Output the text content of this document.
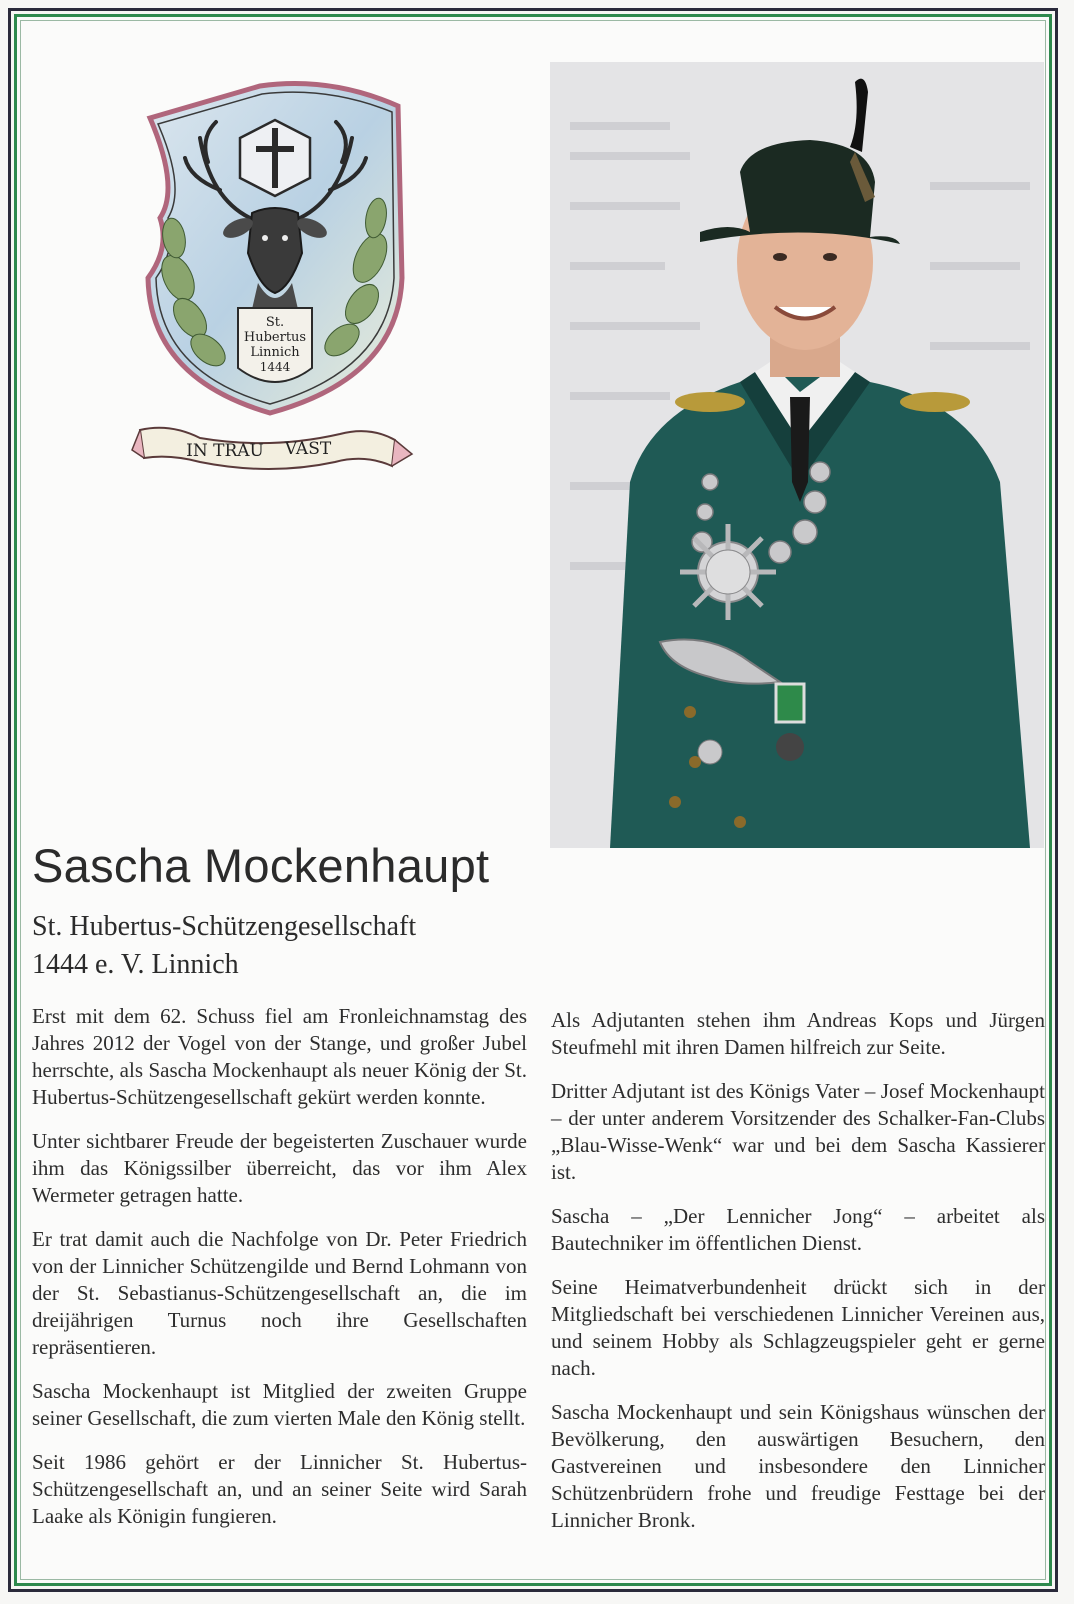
St.
Hubertus
Linnich
1444
IN TRAU VAST
Sascha Mockenhaupt
St. Hubertus-Schützengesellschaft
1444 e. V. Linnich

Erst mit dem 62. Schuss fiel am Fronleichnamstag des Jahres 2012 der Vogel von der Stange, und großer Jubel herrschte, als Sascha Mockenhaupt als neuer König der St. Hubertus-Schützengesellschaft gekürt werden konnte.

Unter sichtbarer Freude der begeisterten Zuschauer wurde ihm das Königssilber überreicht, das vor ihm Alex Wermeter getragen hatte.

Er trat damit auch die Nachfolge von Dr. Peter Friedrich von der Linnicher Schützengilde und Bernd Lohmann von der St. Sebastianus-Schützengesellschaft an, die im dreijährigen Turnus noch ihre Gesellschaften repräsentieren.

Sascha Mockenhaupt ist Mitglied der zweiten Gruppe seiner Gesellschaft, die zum vierten Male den König stellt.

Seit 1986 gehört er der Linnicher St. Hubertus-Schützengesellschaft an, und an seiner Seite wird Sarah Laake als Königin fungieren.

Als Adjutanten stehen ihm Andreas Kops und Jürgen Steufmehl mit ihren Damen hilfreich zur Seite.

Dritter Adjutant ist des Königs Vater – Josef Mockenhaupt – der unter anderem Vorsitzender des Schalker-Fan-Clubs „Blau-Wisse-Wenk“ war und bei dem Sascha Kassierer ist.

Sascha – „Der Lennicher Jong“ – arbeitet als Bautechniker im öffentlichen Dienst.

Seine Heimatverbundenheit drückt sich in der Mitgliedschaft bei verschiedenen Linnicher Vereinen aus, und seinem Hobby als Schlagzeugspieler geht er gerne nach.

Sascha Mockenhaupt und sein Königshaus wünschen der Bevölkerung, den auswärtigen Besuchern, den Gastvereinen und insbesondere den Linnicher Schützenbrüdern frohe und freudige Festtage bei der Linnicher Bronk.
